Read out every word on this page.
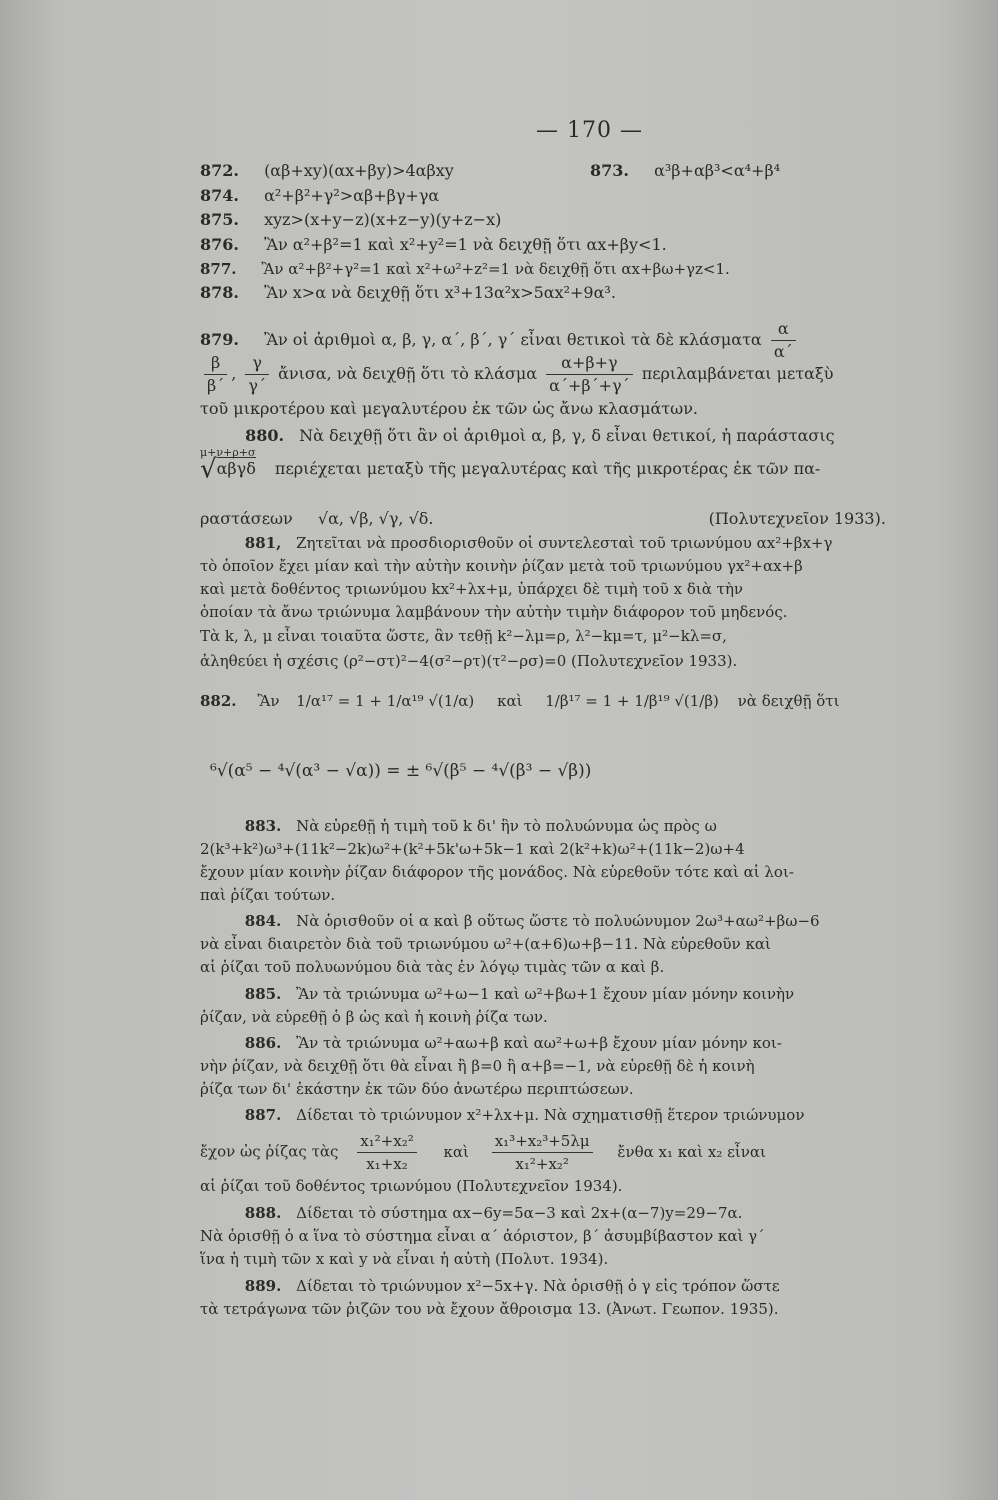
— 170 —
872. (αβ+xy)(αx+βy)>4αβxy	873. α³β+αβ³<α⁴+β⁴
874. α²+β²+γ²>αβ+βγ+γα
875. xyz>(x+y−z)(x+z−y)(y+z−x)
876. Ἂν α²+β²=1 καὶ x²+y²=1 νὰ δειχθῇ ὅτι αx+βy<1.
877. Ἂν α²+β²+γ²=1 καὶ x²+ω²+z²=1 νὰ δειχθῇ ὅτι αx+βω+γz<1.
878. Ἂν x>α νὰ δειχθῇ ὅτι x³+13α²x>5αx²+9α³.
879. Ἂν οἱ ἀριθμοὶ α, β, γ, α΄, β΄, γ΄ εἶναι θετικοὶ τὰ δὲ κλάσματα $\frac{\alpha}{\alpha΄}$
$\frac{\beta}{\beta΄}$ , $\frac{\gamma}{\gamma΄}$ ἄνισα, νὰ δειχθῇ ὅτι τὸ κλάσμα $\frac{\alpha+\beta+\gamma}{\alpha΄+\beta΄+\gamma΄}$ περιλαμβάνεται μεταξὺ
τοῦ μικροτέρου καὶ μεγαλυτέρου ἐκ τῶν ὡς ἄνω κλασμάτων.
880. Νὰ δειχθῇ ὅτι ἂν οἱ ἀριθμοὶ α, β, γ, δ εἶναι θετικοί, ἡ παράστασις
μ+ν+ρ+σ
√αβγδ περιέχεται μεταξὺ τῆς μεγαλυτέρας καὶ τῆς μικροτέρας ἐκ τῶν πα-
ραστάσεων √α, √β, √γ, √δ.	(Πολυτεχνεῖον 1933).
881, Ζητεῖται νὰ προσδιορισθοῦν οἱ συντελεσταὶ τοῦ τριωνύμου αx²+βx+γ
τὸ ὁποῖον ἔχει μίαν καὶ τὴν αὐτὴν κοινὴν ῥίζαν μετὰ τοῦ τριωνύμου γx²+αx+β
καὶ μετὰ δοθέντος τριωνύμου kx²+λx+μ, ὑπάρχει δὲ τιμὴ τοῦ x διὰ τὴν
ὁποίαν τὰ ἄνω τριώνυμα λαμβάνουν τὴν αὐτὴν τιμὴν διάφορον τοῦ μηδενός.
Τὰ k, λ, μ εἶναι τοιαῦτα ὥστε, ἂν τεθῇ k²−λμ=ρ, λ²−kμ=τ, μ²−kλ=σ,
ἀληθεύει ἡ σχέσις (ρ²−στ)²−4(σ²−ρτ)(τ²−ρσ)=0 (Πολυτεχνεῖον 1933).
882. Ἂν 1/α¹⁷ = 1 + 1/α¹⁹ √(1/α) καὶ 1/β¹⁷ = 1 + 1/β¹⁹ √(1/β) νὰ δειχθῇ ὅτι
⁶√(α⁵ − ⁴√(α³ − √α)) = ± ⁶√(β⁵ − ⁴√(β³ − √β))
883. Νὰ εὑρεθῇ ἡ τιμὴ τοῦ k δι' ἣν τὸ πολυώνυμα ὡς πρὸς ω
2(k³+k²)ω³+(11k²−2k)ω²+(k²+5k'ω+5k−1 καὶ 2(k²+k)ω²+(11k−2)ω+4
ἔχουν μίαν κοινὴν ῥίζαν διάφορον τῆς μονάδος. Νὰ εὑρεθοῦν τότε καὶ αἱ λοι-
παὶ ῥίζαι τούτων.
884. Νὰ ὁρισθοῦν οἱ α καὶ β οὕτως ὥστε τὸ πολυώνυμον 2ω³+αω²+βω−6
νὰ εἶναι διαιρετὸν διὰ τοῦ τριωνύμου ω²+(α+6)ω+β−11. Νὰ εὑρεθοῦν καὶ
αἱ ῥίζαι τοῦ πολυωνύμου διὰ τὰς ἐν λόγῳ τιμὰς τῶν α καὶ β.
885. Ἂν τὰ τριώνυμα ω²+ω−1 καὶ ω²+βω+1 ἔχουν μίαν μόνην κοινὴν
ῥίζαν, νὰ εὑρεθῇ ὁ β ὡς καὶ ἡ κοινὴ ῥίζα των.
886. Ἂν τὰ τριώνυμα ω²+αω+β καὶ αω²+ω+β ἔχουν μίαν μόνην κοι-
νὴν ῥίζαν, νὰ δειχθῇ ὅτι θὰ εἶναι ἢ β=0 ἢ α+β=−1, νὰ εὑρεθῇ δὲ ἡ κοινὴ
ῥίζα των δι' ἑκάστην ἐκ τῶν δύο ἀνωτέρω περιπτώσεων.
887. Δίδεται τὸ τριώνυμον x²+λx+μ. Νὰ σχηματισθῇ ἕτερον τριώνυμον
ἔχον ὡς ῥίζας τὰς $\frac{\text{x₁²+x₂²}}{\text{x₁+x₂}}$ καὶ $\frac{\text{x₁³+x₂³+5λμ}}{\text{x₁²+x₂²}}$ ἔνθα x₁ καὶ x₂ εἶναι
αἱ ῥίζαι τοῦ δοθέντος τριωνύμου (Πολυτεχνεῖον 1934).
888. Δίδεται τὸ σύστημα αx−6y=5α−3 καὶ 2x+(α−7)y=29−7α.
Νὰ ὁρισθῇ ὁ α ἵνα τὸ σύστημα εἶναι α΄ ἀόριστον, β΄ ἀσυμβίβαστον καὶ γ΄
ἵνα ἡ τιμὴ τῶν x καὶ y νὰ εἶναι ἡ αὐτὴ (Πολυτ. 1934).
889. Δίδεται τὸ τριώνυμον x²−5x+γ. Νὰ ὁρισθῇ ὁ γ εἰς τρόπον ὥστε
τὰ τετράγωνα τῶν ῥιζῶν του νὰ ἔχουν ἄθροισμα 13. (Ἀνωτ. Γεωπον. 1935).
